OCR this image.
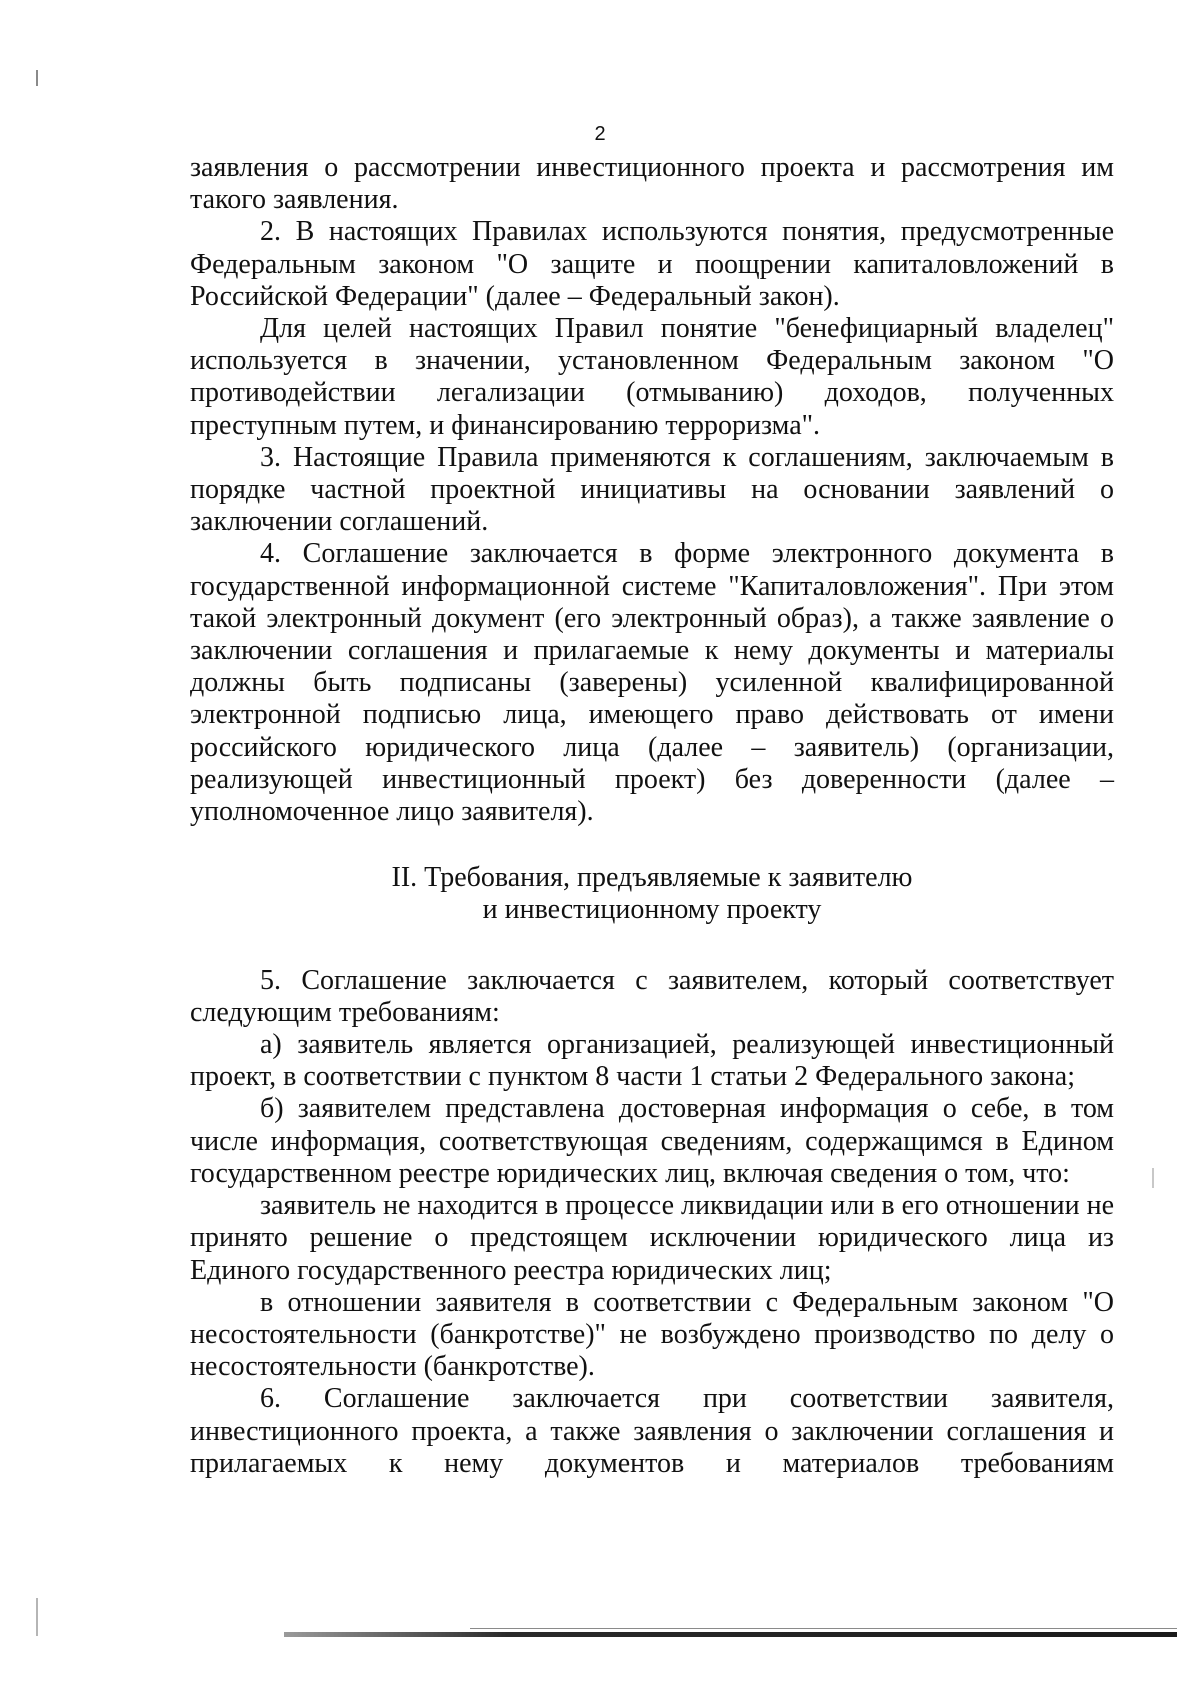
2

заявления о рассмотрении инвестиционного проекта и рассмотрения им такого заявления.

2. В настоящих Правилах используются понятия, предусмотренные Федеральным законом "О защите и поощрении капиталовложений в Российской Федерации" (далее – Федеральный закон).

Для целей настоящих Правил понятие "бенефициарный владелец" используется в значении, установленном Федеральным законом "О противодействии легализации (отмыванию) доходов, полученных преступным путем, и финансированию терроризма".

3. Настоящие Правила применяются к соглашениям, заключаемым в порядке частной проектной инициативы на основании заявлений о заключении соглашений.

4. Соглашение заключается в форме электронного документа в государственной информационной системе "Капиталовложения". При этом такой электронный документ (его электронный образ), а также заявление о заключении соглашения и прилагаемые к нему документы и материалы должны быть подписаны (заверены) усиленной квалифицированной электронной подписью лица, имеющего право действовать от имени российского юридического лица (далее – заявитель) (организации, реализующей инвестиционный проект) без доверенности (далее – уполномоченное лицо заявителя).

II. Требования, предъявляемые к заявителю
и инвестиционному проекту

5. Соглашение заключается с заявителем, который соответствует следующим требованиям:

а) заявитель является организацией, реализующей инвестиционный проект, в соответствии с пунктом 8 части 1 статьи 2 Федерального закона;

б) заявителем представлена достоверная информация о себе, в том числе информация, соответствующая сведениям, содержащимся в Едином государственном реестре юридических лиц, включая сведения о том, что:

заявитель не находится в процессе ликвидации или в его отношении не принято решение о предстоящем исключении юридического лица из Единого государственного реестра юридических лиц;

в отношении заявителя в соответствии с Федеральным законом "О несостоятельности (банкротстве)" не возбуждено производство по делу о несостоятельности (банкротстве).

6. Соглашение заключается при соответствии заявителя, инвестиционного проекта, а также заявления о заключении соглашения и прилагаемых к нему документов и материалов требованиям
